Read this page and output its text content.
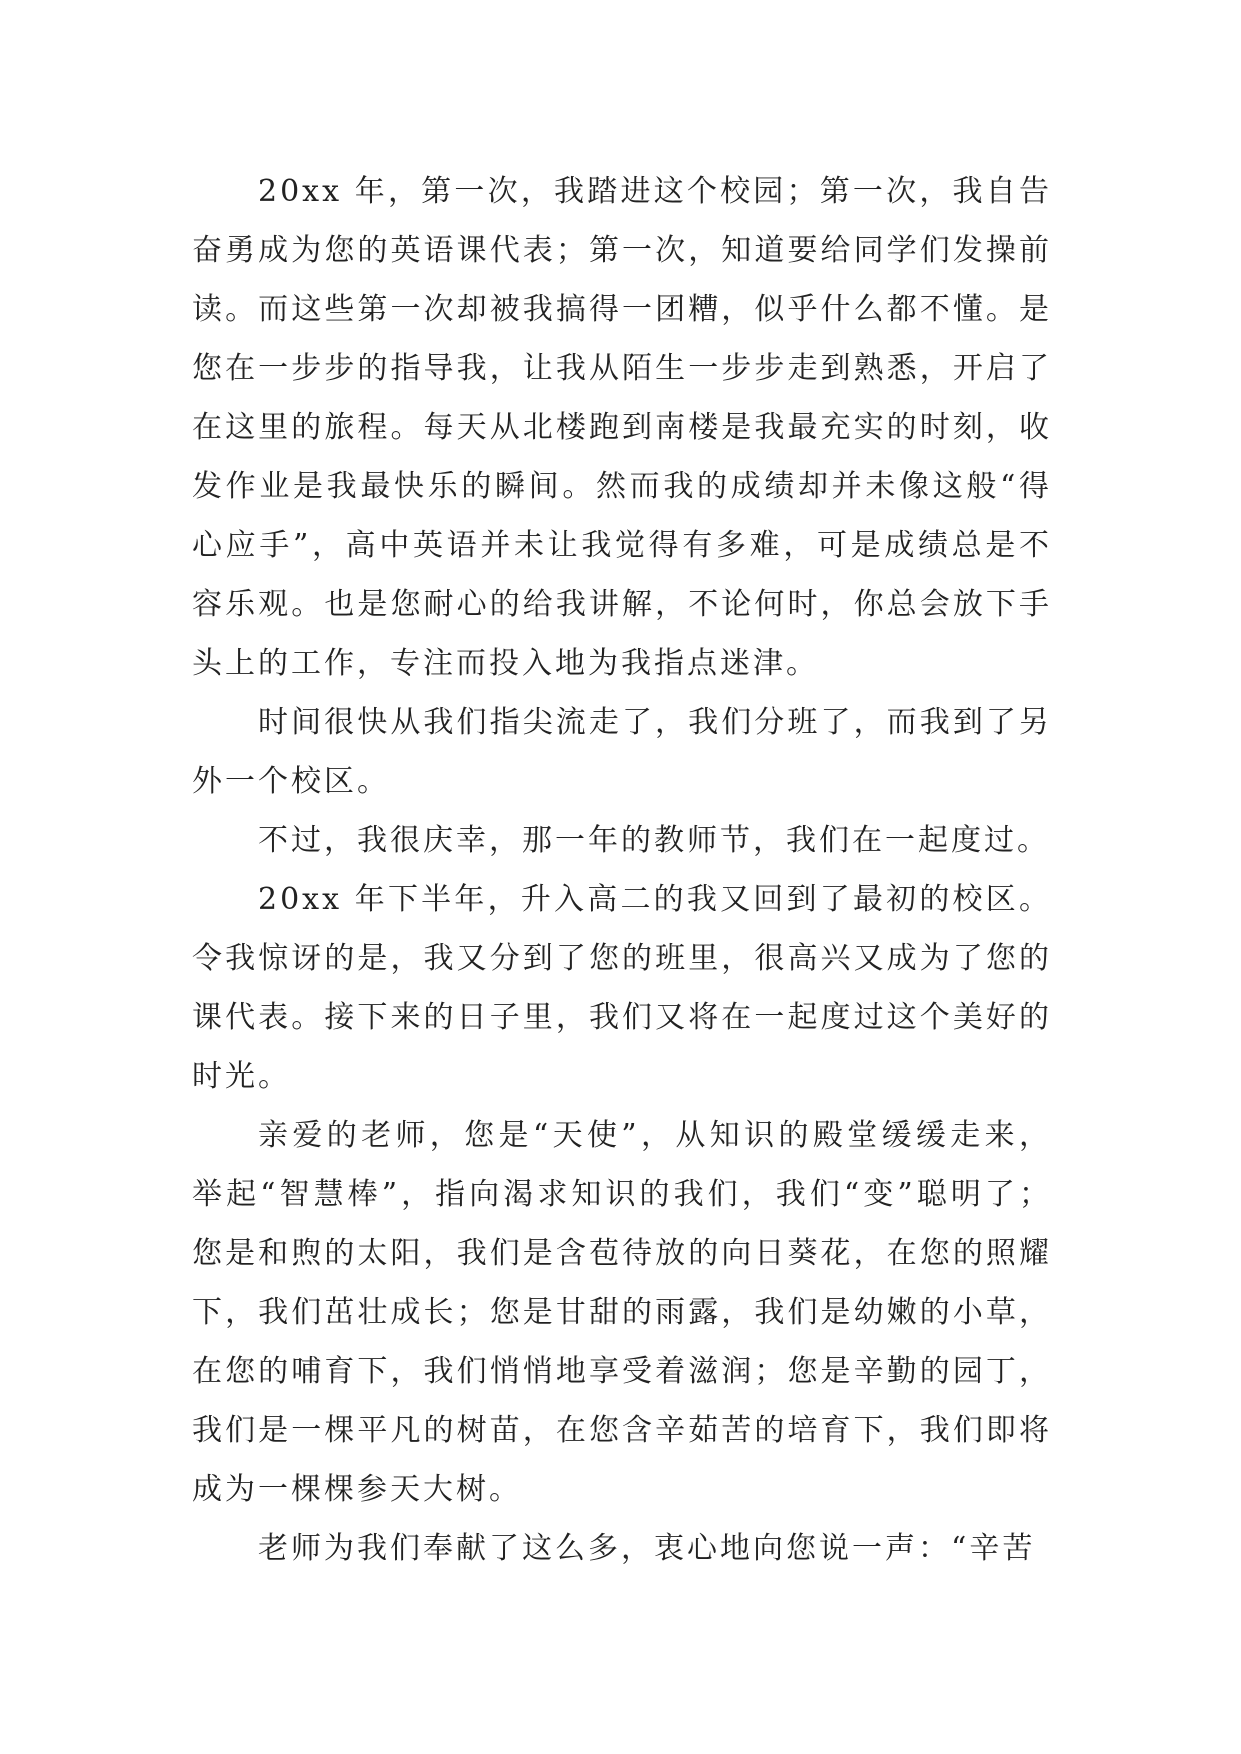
20xx 年，第一次，我踏进这个校园；第一次，我自告奋勇成为您的英语课代表；第一次，知道要给同学们发操前读。而这些第一次却被我搞得一团糟，似乎什么都不懂。是您在一步步的指导我，让我从陌生一步步走到熟悉，开启了在这里的旅程。每天从北楼跑到南楼是我最充实的时刻，收发作业是我最快乐的瞬间。然而我的成绩却并未像这般“得心应手”，高中英语并未让我觉得有多难，可是成绩总是不容乐观。也是您耐心的给我讲解，不论何时，你总会放下手头上的工作，专注而投入地为我指点迷津。

时间很快从我们指尖流走了，我们分班了，而我到了另外一个校区。

不过，我很庆幸，那一年的教师节，我们在一起度过。

20xx 年下半年，升入高二的我又回到了最初的校区。令我惊讶的是，我又分到了您的班里，很高兴又成为了您的课代表。接下来的日子里，我们又将在一起度过这个美好的时光。

亲爱的老师，您是“天使”，从知识的殿堂缓缓走来，举起“智慧棒”，指向渴求知识的我们，我们“变”聪明了；您是和煦的太阳，我们是含苞待放的向日葵花，在您的照耀下，我们茁壮成长；您是甘甜的雨露，我们是幼嫩的小草，在您的哺育下，我们悄悄地享受着滋润；您是辛勤的园丁，我们是一棵平凡的树苗，在您含辛茹苦的培育下，我们即将成为一棵棵参天大树。

老师为我们奉献了这么多，衷心地向您说一声：“辛苦
